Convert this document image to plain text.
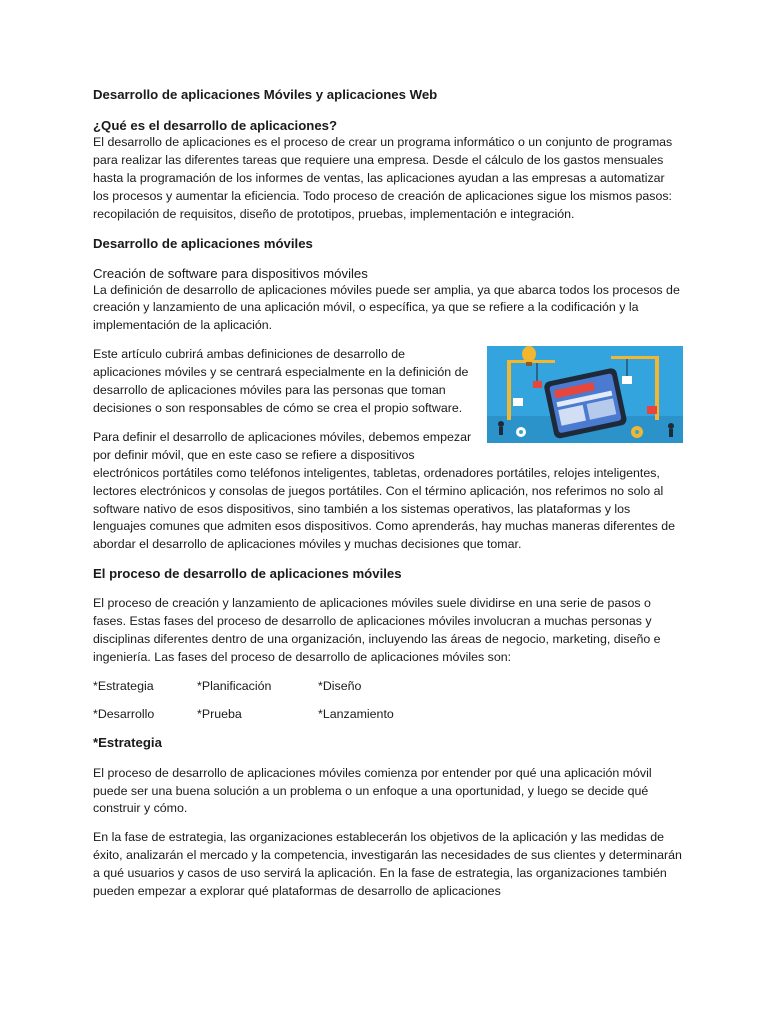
Desarrollo de aplicaciones Móviles y aplicaciones Web
¿Qué es el desarrollo de aplicaciones?

El desarrollo de aplicaciones es el proceso de crear un programa informático o un conjunto de programas para realizar las diferentes tareas que requiere una empresa. Desde el cálculo de los gastos mensuales hasta la programación de los informes de ventas, las aplicaciones ayudan a las empresas a automatizar los procesos y aumentar la eficiencia. Todo proceso de creación de aplicaciones sigue los mismos pasos: recopilación de requisitos, diseño de prototipos, pruebas, implementación e integración.

Desarrollo de aplicaciones móviles
Creación de software para dispositivos móviles

La definición de desarrollo de aplicaciones móviles puede ser amplia, ya que abarca todos los procesos de creación y lanzamiento de una aplicación móvil, o específica, ya que se refiere a la codificación y la implementación de la aplicación.

Este artículo cubrirá ambas definiciones de desarrollo de aplicaciones móviles y se centrará especialmente en la definición de desarrollo de aplicaciones móviles para las personas que toman decisiones o son responsables de cómo se crea el propio software.

Para definir el desarrollo de aplicaciones móviles, debemos empezar por definir móvil, que en este caso se refiere a dispositivos electrónicos portátiles como teléfonos inteligentes, tabletas, ordenadores portátiles, relojes inteligentes, lectores electrónicos y consolas de juegos portátiles. Con el término aplicación, nos referimos no solo al software nativo de esos dispositivos, sino también a los sistemas operativos, las plataformas y los lenguajes comunes que admiten esos dispositivos. Como aprenderás, hay muchas maneras diferentes de abordar el desarrollo de aplicaciones móviles y muchas decisiones que tomar.

El proceso de desarrollo de aplicaciones móviles

El proceso de creación y lanzamiento de aplicaciones móviles suele dividirse en una serie de pasos o fases. Estas fases del proceso de desarrollo de aplicaciones móviles involucran a muchas personas y disciplinas diferentes dentro de una organización, incluyendo las áreas de negocio, marketing, diseño e ingeniería. Las fases del proceso de desarrollo de aplicaciones móviles son:

*Estrategia	*Planificación	*Diseño
*Desarrollo	*Prueba	*Lanzamiento
*Estrategia

El proceso de desarrollo de aplicaciones móviles comienza por entender por qué una aplicación móvil puede ser una buena solución a un problema o un enfoque a una oportunidad, y luego se decide qué construir y cómo.

En la fase de estrategia, las organizaciones establecerán los objetivos de la aplicación y las medidas de éxito, analizarán el mercado y la competencia, investigarán las necesidades de sus clientes y determinarán a qué usuarios y casos de uso servirá la aplicación. En la fase de estrategia, las organizaciones también pueden empezar a explorar qué plataformas de desarrollo de aplicaciones
